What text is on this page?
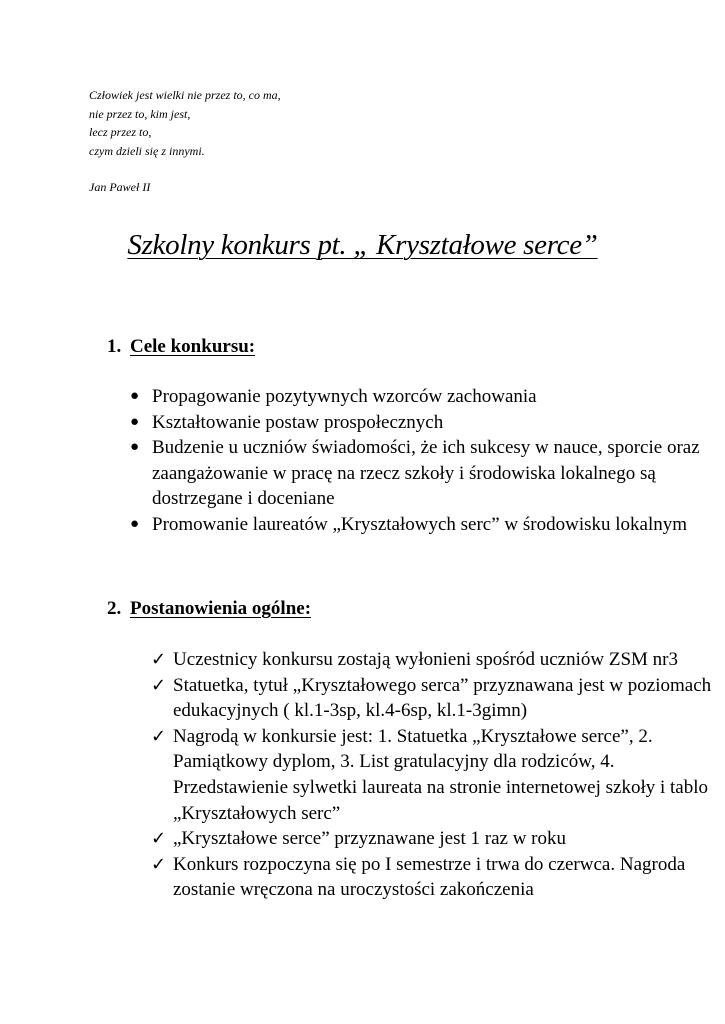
Człowiek jest wielki nie przez to, co ma,
nie przez to, kim jest,
lecz przez to,
czym dzieli się z innymi.
Jan Paweł II
Szkolny konkurs pt. „ Kryształowe serce”
1. Cele konkursu:
● Propagowanie pozytywnych wzorców zachowania
● Kształtowanie postaw prospołecznych
● Budzenie u uczniów świadomości, że ich sukcesy w nauce, sporcie oraz zaangażowanie w pracę na rzecz szkoły i środowiska lokalnego są dostrzegane i doceniane
● Promowanie laureatów „Kryształowych serc” w środowisku lokalnym
2. Postanowienia ogólne:
✓ Uczestnicy konkursu zostają wyłonieni spośród uczniów ZSM nr3
✓ Statuetka, tytuł „Kryształowego serca” przyznawana jest w poziomach edukacyjnych ( kl.1-3sp, kl.4-6sp, kl.1-3gimn)
✓ Nagrodą w konkursie jest: 1. Statuetka „Kryształowe serce”, 2. Pamiątkowy dyplom, 3. List gratulacyjny dla rodziców, 4. Przedstawienie sylwetki laureata na stronie internetowej szkoły i tablo „Kryształowych serc”
✓ „Kryształowe serce” przyznawane jest 1 raz w roku
✓ Konkurs rozpoczyna się po I semestrze i trwa do czerwca. Nagroda zostanie wręczona na uroczystości zakończenia
